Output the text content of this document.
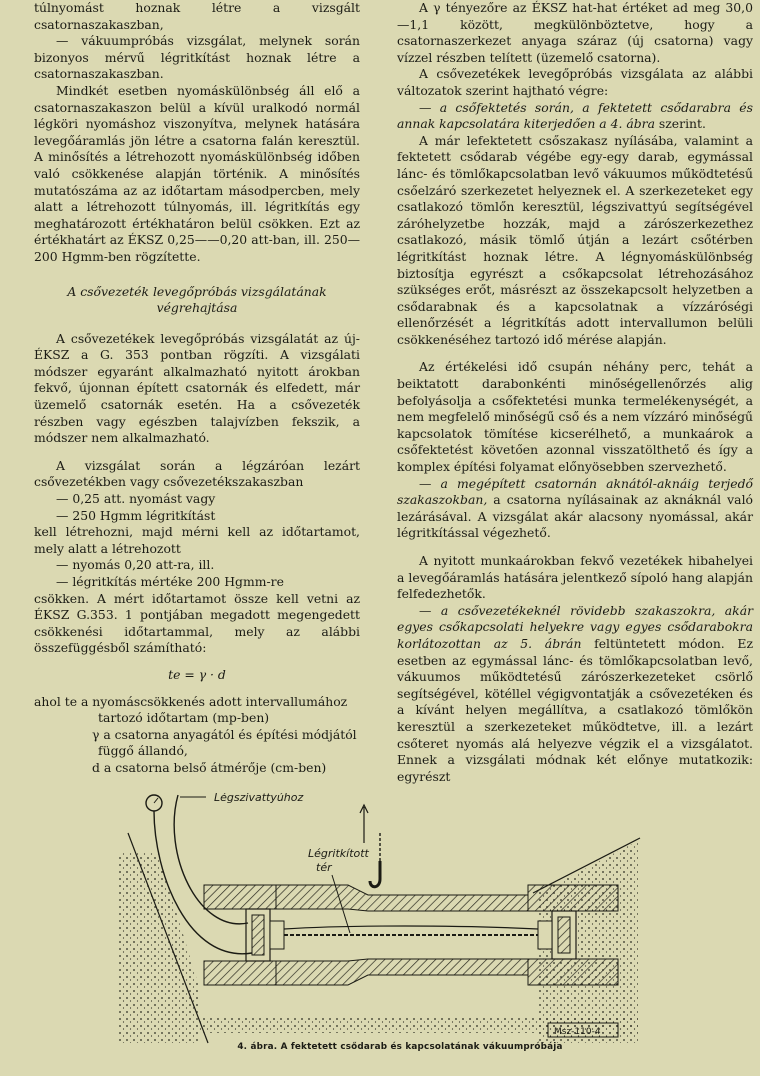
túlnyomást hoznak létre a vizsgált csatornaszakaszban,

— vákuumpróbás vizsgálat, melynek során bizonyos mérvű légritkítást hoznak létre a csatornaszakaszban.

Mindkét esetben nyomáskülönbség áll elő a csatornaszakaszon belül a kívül uralkodó normál légköri nyomáshoz viszonyítva, melynek hatására levegőáramlás jön létre a csatorna falán keresztül. A minősítés a létrehozott nyomáskülönbség időben való csökkenése alapján történik. A minősítés mutatószáma az az időtartam másodpercben, mely alatt a létrehozott túlnyomás, ill. légritkítás egy meghatározott értékhatáron belül csökken. Ezt az értékhatárt az ÉKSZ 0,25——0,20 att-ban, ill. 250—200 Hgmm-ben rögzítette.

A csővezeték levegőpróbás vizsgálatának végrehajtása

A csővezetékek levegőpróbás vizsgálatát az új-ÉKSZ a G. 353 pontban rögzíti. A vizsgálati módszer egyaránt alkalmazható nyitott árokban fekvő, újonnan épített csatornák és elfedett, már üzemelő csatornák esetén. Ha a csővezeték részben vagy egészben talajvízben fekszik, a módszer nem alkalmazható.

A vizsgálat során a légzáróan lezárt csővezetékben vagy csővezetékszakaszban

— 0,25 att. nyomást vagy

— 250 Hgmm légritkítást

kell létrehozni, majd mérni kell az időtartamot, mely alatt a létrehozott

— nyomás 0,20 att-ra, ill.

— légritkítás mértéke 200 Hgmm-re

csökken. A mért időtartamot össze kell vetni az ÉKSZ G.353. 1 pontjában megadott megengedett csökkenési időtartammal, mely az alábbi összefüggésből számítható:

te = γ · d

ahol te a nyomáscsökkenés adott intervallumához

tartozó időtartam (mp-ben)

γ a csatorna anyagától és építési módjától

függő állandó,

d a csatorna belső átmérője (cm-ben)

A γ tényezőre az ÉKSZ hat-hat értéket ad meg 30,0—1,1 között, megkülönböztetve, hogy a csatornaszerkezet anyaga száraz (új csatorna) vagy vízzel részben telített (üzemelő csatorna).

A csővezetékek levegőpróbás vizsgálata az alábbi változatok szerint hajtható végre:

— a csőfektetés során, a fektetett csődarabra és annak kapcsolatára kiterjedően a 4. ábra szerint.

A már lefektetett csőszakasz nyílásába, valamint a fektetett csődarab végébe egy-egy darab, egymással lánc- és tömlőkapcsolatban levő vákuumos működtetésű csőelzáró szerkezetet helyeznek el. A szerkezeteket egy csatlakozó tömlőn keresztül, légszivattyú segítségével záróhelyzetbe hozzák, majd a zárószerkezethez csatlakozó, másik tömlő útján a lezárt csőtérben légritkítást hoznak létre. A légnyomáskülönbség biztosítja egyrészt a csőkapcsolat létrehozásához szükséges erőt, másrészt az összekapcsolt helyzetben a csődarabnak és a kapcsolatnak a vízzáróségi ellenőrzését a légritkítás adott intervallumon belüli csökkenéséhez tartozó idő mérése alapján.

Az értékelési idő csupán néhány perc, tehát a beiktatott darabonkénti minőségellenőrzés alig befolyásolja a csőfektetési munka termelékenységét, a nem megfelelő minőségű cső és a nem vízzáró minőségű kapcsolatok tömítése kicserélhető, a munkaárok a csőfektetést követően azonnal visszatölthető és így a komplex építési folyamat előnyösebben szervezhető.

— a megépített csatornán aknától-aknáig terjedő szakaszokban, a csatorna nyílásainak az aknáknál való lezárásával. A vizsgálat akár alacsony nyomással, akár légritkítással végezhető.

A nyitott munkaárokban fekvő vezetékek hibahelyei a levegőáramlás hatására jelentkező sípoló hang alapján felfedezhetők.

— a csővezetékeknél rövidebb szakaszokra, akár egyes csőkapcsolati helyekre vagy egyes csődarabokra korlátozottan az 5. ábrán feltüntetett módon. Ez esetben az egymással lánc- és tömlőkapcsolatban levő, vákuumos működtetésű zárószerkezeteket csörlő segítségével, kötéllel végigvontatják a csővezetéken és a kívánt helyen megállítva, a csatlakozó tömlőkön keresztül a szerkezeteket működtetve, ill. a lezárt csőteret nyomás alá helyezve végzik el a vizsgálatot. Ennek a vizsgálati módnak két előnye mutatkozik: egyrészt

Légszivattyúhoz
Légritkított
tér
Msz-110-4
4. ábra. A fektetett csődarab és kapcsolatának vákuumpróbája
